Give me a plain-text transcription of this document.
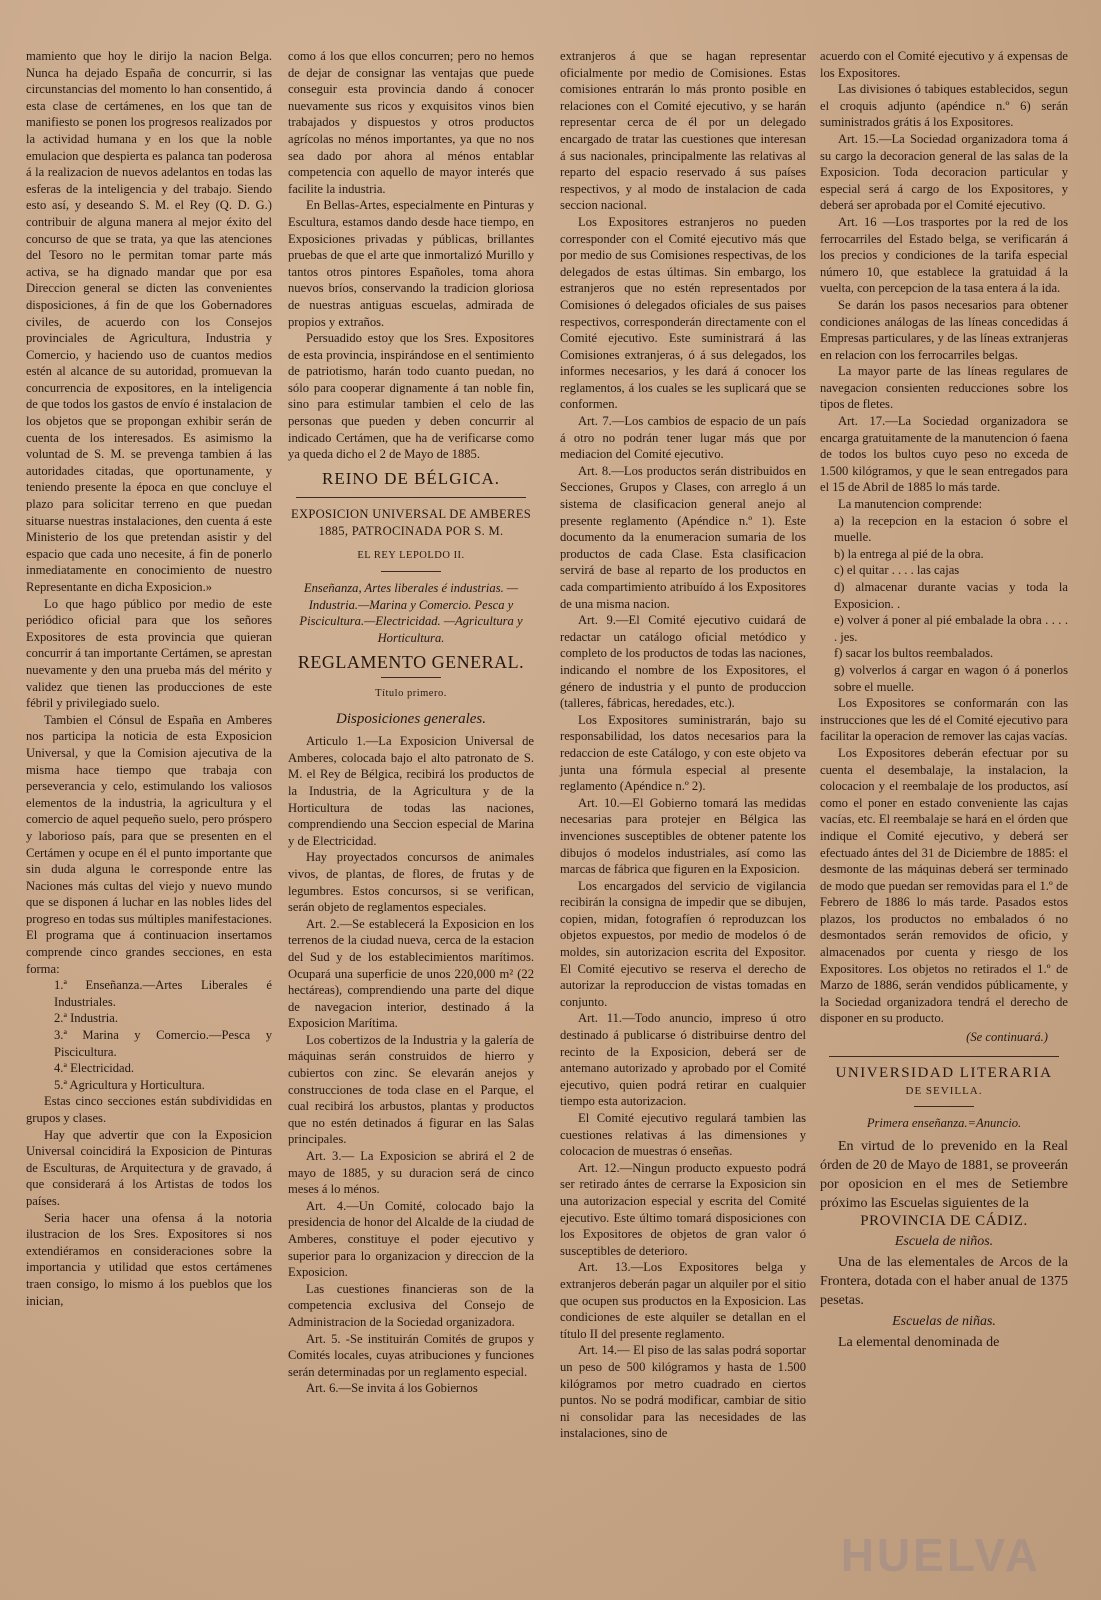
mamiento que hoy le dirijo la nacion Belga. Nunca ha dejado España de concurrir, si las circunstancias del momento lo han consentido, á esta clase de certámenes, en los que tan de manifiesto se ponen los progresos realizados por la actividad humana y en los que la noble emulacion que despierta es palanca tan poderosa á la realizacion de nuevos adelantos en todas las esferas de la inteligencia y del trabajo. Siendo esto así, y deseando S. M. el Rey (Q. D. G.) contribuir de alguna manera al mejor éxito del concurso de que se trata, ya que las atenciones del Tesoro no le permitan tomar parte más activa, se ha dignado mandar que por esa Direccion general se dicten las convenientes disposiciones, á fin de que los Gobernadores civiles, de acuerdo con los Consejos provinciales de Agricultura, Industria y Comercio, y haciendo uso de cuantos medios estén al alcance de su autoridad, promuevan la concurrencia de expositores, en la inteligencia de que todos los gastos de envío é instalacion de los objetos que se propongan exhibir serán de cuenta de los interesados. Es asimismo la voluntad de S. M. se prevenga tambien á las autoridades citadas, que oportunamente, y teniendo presente la época en que concluye el plazo para solicitar terreno en que puedan situarse nuestras instalaciones, den cuenta á este Ministerio de los que pretendan asistir y del espacio que cada uno necesite, á fin de ponerlo inmediatamente en conocimiento de nuestro Representante en dicha Exposicion.»

Lo que hago público por medio de este periódico oficial para que los señores Expositores de esta provincia que quieran concurrir á tan importante Certámen, se aprestan nuevamente y den una prueba más del mérito y validez que tienen las producciones de este fébril y privilegiado suelo.

Tambien el Cónsul de España en Amberes nos participa la noticia de esta Exposicion Universal, y que la Comision ajecutiva de la misma hace tiempo que trabaja con perseverancia y celo, estimulando los valiosos elementos de la industria, la agricultura y el comercio de aquel pequeño suelo, pero próspero y laborioso país, para que se presenten en el Certámen y ocupe en él el punto importante que sin duda alguna le corresponde entre las Naciones más cultas del viejo y nuevo mundo que se disponen á luchar en las nobles lides del progreso en todas sus múltiples manifestaciones. El programa que á continuacion insertamos comprende cinco grandes secciones, en esta forma:

1.ª Enseñanza.—Artes Liberales é Industriales.

2.ª Industria.

3.ª Marina y Comercio.—Pesca y Piscicultura.

4.ª Electricidad.

5.ª Agricultura y Horticultura.

Estas cinco secciones están subdivididas en grupos y clases.

Hay que advertir que con la Exposicion Universal coincidirá la Exposicion de Pinturas de Esculturas, de Arquitectura y de gravado, á que considerará á los Artistas de todos los países.

Seria hacer una ofensa á la notoria ilustracion de los Sres. Expositores si nos extendiéramos en consideraciones sobre la importancia y utilidad que estos certámenes traen consigo, lo mismo á los pueblos que los inician,

como á los que ellos concurren; pero no hemos de dejar de consignar las ventajas que puede conseguir esta provincia dando á conocer nuevamente sus ricos y exquisitos vinos bien trabajados y dispuestos y otros productos agrícolas no ménos importantes, ya que no nos sea dado por ahora al ménos entablar competencia con aquello de mayor interés que facilite la industria.

En Bellas-Artes, especialmente en Pinturas y Escultura, estamos dando desde hace tiempo, en Exposiciones privadas y públicas, brillantes pruebas de que el arte que inmortalizó Murillo y tantos otros pintores Españoles, toma ahora nuevos bríos, conservando la tradicion gloriosa de nuestras antiguas escuelas, admirada de propios y extraños.

Persuadido estoy que los Sres. Expositores de esta provincia, inspirándose en el sentimiento de patriotismo, harán todo cuanto puedan, no sólo para cooperar dignamente á tan noble fin, sino para estimular tambien el celo de las personas que pueden y deben concurrir al indicado Certámen, que ha de verificarse como ya queda dicho el 2 de Mayo de 1885.

REINO DE BÉLGICA.
EXPOSICION UNIVERSAL DE AMBERES 1885, PATROCINADA POR S. M.
EL REY LEPOLDO II.
Enseñanza, Artes liberales é industrias. —Industria.—Marina y Comercio. Pesca y Piscicultura.—Electricidad. —Agricultura y Horticultura.
REGLAMENTO GENERAL.
Título primero.
Disposiciones generales.

Articulo 1.—La Exposicion Universal de Amberes, colocada bajo el alto patronato de S. M. el Rey de Bélgica, recibirá los productos de la Industria, de la Agricultura y de la Horticultura de todas las naciones, comprendiendo una Seccion especial de Marina y de Electricidad.

Hay proyectados concursos de animales vivos, de plantas, de flores, de frutas y de legumbres. Estos concursos, si se verifican, serán objeto de reglamentos especiales.

Art. 2.—Se establecerá la Exposicion en los terrenos de la ciudad nueva, cerca de la estacion del Sud y de los establecimientos marítimos. Ocupará una superficie de unos 220,000 m² (22 hectáreas), comprendiendo una parte del dique de navegacion interior, destinado á la Exposicion Marítima.

Los cobertizos de la Industria y la galería de máquinas serán construidos de hierro y cubiertos con zinc. Se elevarán anejos y construcciones de toda clase en el Parque, el cual recibirá los arbustos, plantas y productos que no estén detinados á figurar en las Salas principales.

Art. 3.— La Exposicion se abrirá el 2 de mayo de 1885, y su duracion será de cinco meses á lo ménos.

Art. 4.—Un Comité, colocado bajo la presidencia de honor del Alcalde de la ciudad de Amberes, constituye el poder ejecutivo y superior para lo organizacion y direccion de la Exposicion.

Las cuestiones financieras son de la competencia exclusiva del Consejo de Administracion de la Sociedad organizadora.

Art. 5. -Se instituirán Comités de grupos y Comités locales, cuyas atribuciones y funciones serán determinadas por un reglamento especial.

Art. 6.—Se invita á los Gobiernos

extranjeros á que se hagan representar oficialmente por medio de Comisiones. Estas comisiones entrarán lo más pronto posible en relaciones con el Comité ejecutivo, y se harán representar cerca de él por un delegado encargado de tratar las cuestiones que interesan á sus nacionales, principalmente las relativas al reparto del espacio reservado á sus países respectivos, y al modo de instalacion de cada seccion nacional.

Los Expositores estranjeros no pueden corresponder con el Comité ejecutivo más que por medio de sus Comisiones respectivas, de los delegados de estas últimas. Sin embargo, los estranjeros que no estén representados por Comisiones ó delegados oficiales de sus paises respectivos, corresponderán directamente con el Comité ejecutivo. Este suministrará á las Comisiones extranjeras, ó á sus delegados, los informes necesarios, y les dará á conocer los reglamentos, á los cuales se les suplicará que se conformen.

Art. 7.—Los cambios de espacio de un país á otro no podrán tener lugar más que por mediacion del Comité ejecutivo.

Art. 8.—Los productos serán distribuidos en Secciones, Grupos y Clases, con arreglo á un sistema de clasificacion general anejo al presente reglamento (Apéndice n.º 1). Este documento da la enumeracion sumaria de los productos de cada Clase. Esta clasificacion servirá de base al reparto de los productos en cada compartimiento atribuído á los Expositores de una misma nacion.

Art. 9.—El Comité ejecutivo cuidará de redactar un catálogo oficial metódico y completo de los productos de todas las naciones, indicando el nombre de los Expositores, el género de industria y el punto de produccion (talleres, fábricas, heredades, etc.).

Los Expositores suministrarán, bajo su responsabilidad, los datos necesarios para la redaccion de este Catálogo, y con este objeto va junta una fórmula especial al presente reglamento (Apéndice n.º 2).

Art. 10.—El Gobierno tomará las medidas necesarias para protejer en Bélgica las invenciones susceptibles de obtener patente los dibujos ó modelos industriales, así como las marcas de fábrica que figuren en la Exposicion.

Los encargados del servicio de vigilancia recibirán la consigna de impedir que se dibujen, copien, midan, fotografíen ó reproduzcan los objetos expuestos, por medio de modelos ó de moldes, sin autorizacion escrita del Expositor. El Comité ejecutivo se reserva el derecho de autorizar la reproduccion de vistas tomadas en conjunto.

Art. 11.—Todo anuncio, impreso ú otro destinado á publicarse ó distribuirse dentro del recinto de la Exposicion, deberá ser de antemano autorizado y aprobado por el Comité ejecutivo, quien podrá retirar en cualquier tiempo esta autorizacion.

El Comité ejecutivo regulará tambien las cuestiones relativas á las dimensiones y colocacion de muestras ó enseñas.

Art. 12.—Ningun producto expuesto podrá ser retirado ántes de cerrarse la Exposicion sin una autorizacion especial y escrita del Comité ejecutivo. Este último tomará disposiciones con los Expositores de objetos de gran valor ó susceptibles de deterioro.

Art. 13.—Los Expositores belga y extranjeros deberán pagar un alquiler por el sitio que ocupen sus productos en la Exposicion. Las condiciones de este alquiler se detallan en el título II del presente reglamento.

Art. 14.— El piso de las salas podrá soportar un peso de 500 kilógramos y hasta de 1.500 kilógramos por metro cuadrado en ciertos puntos. No se podrá modificar, cambiar de sitio ni consolidar para las necesidades de las instalaciones, sino de

acuerdo con el Comité ejecutivo y á expensas de los Expositores.

Las divisiones ó tabiques establecidos, segun el croquis adjunto (apéndice n.º 6) serán suministrados grátis á los Expositores.

Art. 15.—La Sociedad organizadora toma á su cargo la decoracion general de las salas de la Exposicion. Toda decoracion particular y especial será á cargo de los Expositores, y deberá ser aprobada por el Comité ejecutivo.

Art. 16 —Los trasportes por la red de los ferrocarriles del Estado belga, se verificarán á los precios y condiciones de la tarifa especial número 10, que establece la gratuidad á la vuelta, con percepcion de la tasa entera á la ida.

Se darán los pasos necesarios para obtener condiciones análogas de las líneas concedidas á Empresas particulares, y de las líneas extranjeras en relacion con los ferrocarriles belgas.

La mayor parte de las líneas regulares de navegacion consienten reducciones sobre los tipos de fletes.

Art. 17.—La Sociedad organizadora se encarga gratuitamente de la manutencion ó faena de todos los bultos cuyo peso no exceda de 1.500 kilógramos, y que le sean entregados para el 15 de Abril de 1885 lo más tarde.

La manutencion comprende:

a) la recepcion en la estacion ó sobre el muelle.

b) la entrega al pié de la obra.

c) el quitar . . . . las cajas

d) almacenar durante vacias y toda la Exposicion. .

e) volver á poner al pié embalade la obra . . . . . jes.

f) sacar los bultos reembalados.

g) volverlos á cargar en wagon ó á ponerlos sobre el muelle.

Los Expositores se conformarán con las instrucciones que les dé el Comité ejecutivo para facilitar la operacion de remover las cajas vacías.

Los Expositores deberán efectuar por su cuenta el desembalaje, la instalacion, la colocacion y el reembalaje de los productos, así como el poner en estado conveniente las cajas vacías, etc. El reembalaje se hará en el órden que indique el Comité ejecutivo, y deberá ser efectuado ántes del 31 de Diciembre de 1885: el desmonte de las máquinas deberá ser terminado de modo que puedan ser removidas para el 1.º de Febrero de 1886 lo más tarde. Pasados estos plazos, los productos no embalados ó no desmontados serán removidos de oficio, y almacenados por cuenta y riesgo de los Expositores. Los objetos no retirados el 1.º de Marzo de 1886, serán vendidos públicamente, y la Sociedad organizadora tendrá el derecho de disponer en su producto.

(Se continuará.)
UNIVERSIDAD LITERARIA
DE SEVILLA.
Primera enseñanza.=Anuncio.

En virtud de lo prevenido en la Real órden de 20 de Mayo de 1881, se proveerán por oposicion en el mes de Setiembre próximo las Escuelas siguientes de la

PROVINCIA DE CÁDIZ.
Escuela de niños.

Una de las elementales de Arcos de la Frontera, dotada con el haber anual de 1375 pesetas.

Escuelas de niñas.

La elemental denominada de

HUELVA
